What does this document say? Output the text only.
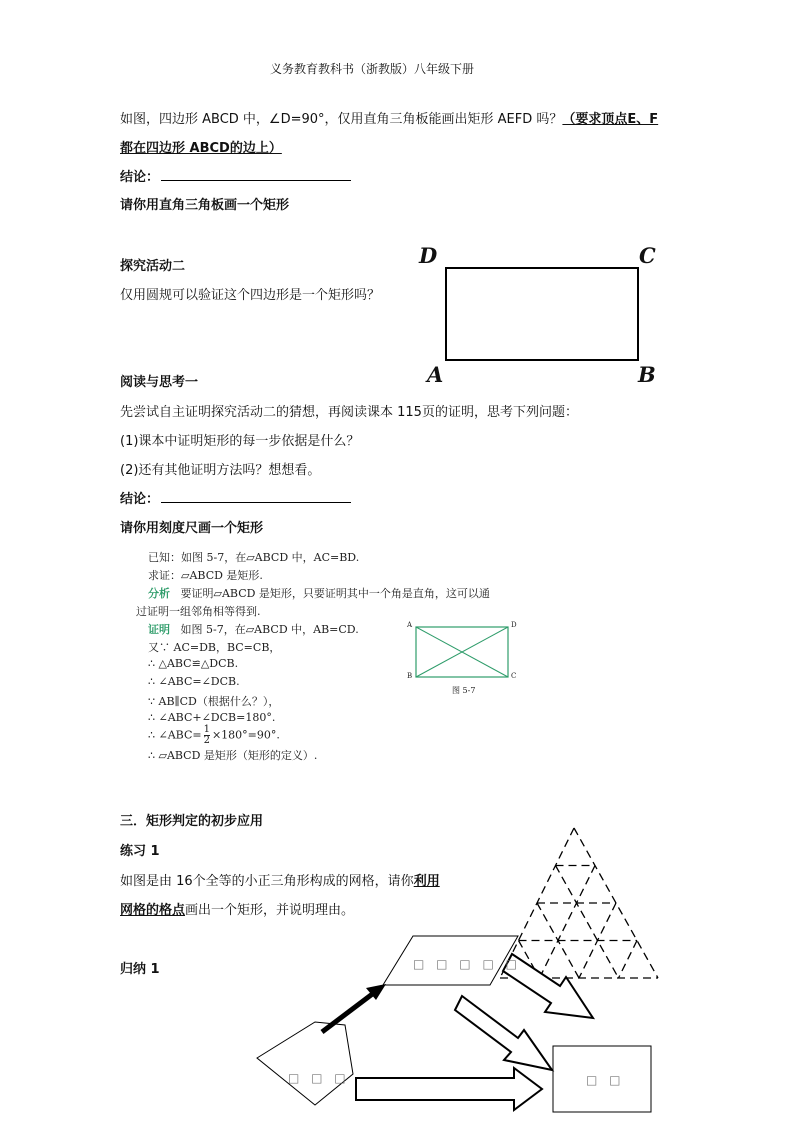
义务教育教科书（浙教版）八年级下册
如图，四边形 ABCD 中，∠D=90°，仅用直角三角板能画出矩形 AEFD 吗？（要求顶点E、F
都在四边形 ABCD的边上）
结论：
请你用直角三角板画一个矩形
探究活动二
仅用圆规可以验证这个四边形是一个矩形吗？
D	C
A	B
阅读与思考一
先尝试自主证明探究活动二的猜想，再阅读课本 115页的证明，思考下列问题：
(1)课本中证明矩形的每一步依据是什么？
(2)还有其他证明方法吗？想想看。
结论：
请你用刻度尺画一个矩形
已知：如图 5-7，在▱ABCD 中，AC=BD.
求证：▱ABCD 是矩形.
分析 要证明▱ABCD 是矩形，只要证明其中一个角是直角，这可以通
过证明一组邻角相等得到.
证明 如图 5-7，在▱ABCD 中，AB=CD.
又∵ AC=DB，BC=CB，
∴ △ABC≌△DCB.
∴ ∠ABC=∠DCB.
∵ AB∥CD（根据什么？），
∴ ∠ABC+∠DCB=180°.
∴ ∠ABC= $\frac{1}{2} \times 180^\circ=90^\circ$.
∴ ▱ABCD 是矩形（矩形的定义）.
A	D
B	C
图 5-7
三．矩形判定的初步应用
练习 1
如图是由 16个全等的小正三角形构成的网格，请你利用
网格的格点画出一个矩形，并说明理由。
归纳 1	□ □ □ □ □
□ □ □	□ □
